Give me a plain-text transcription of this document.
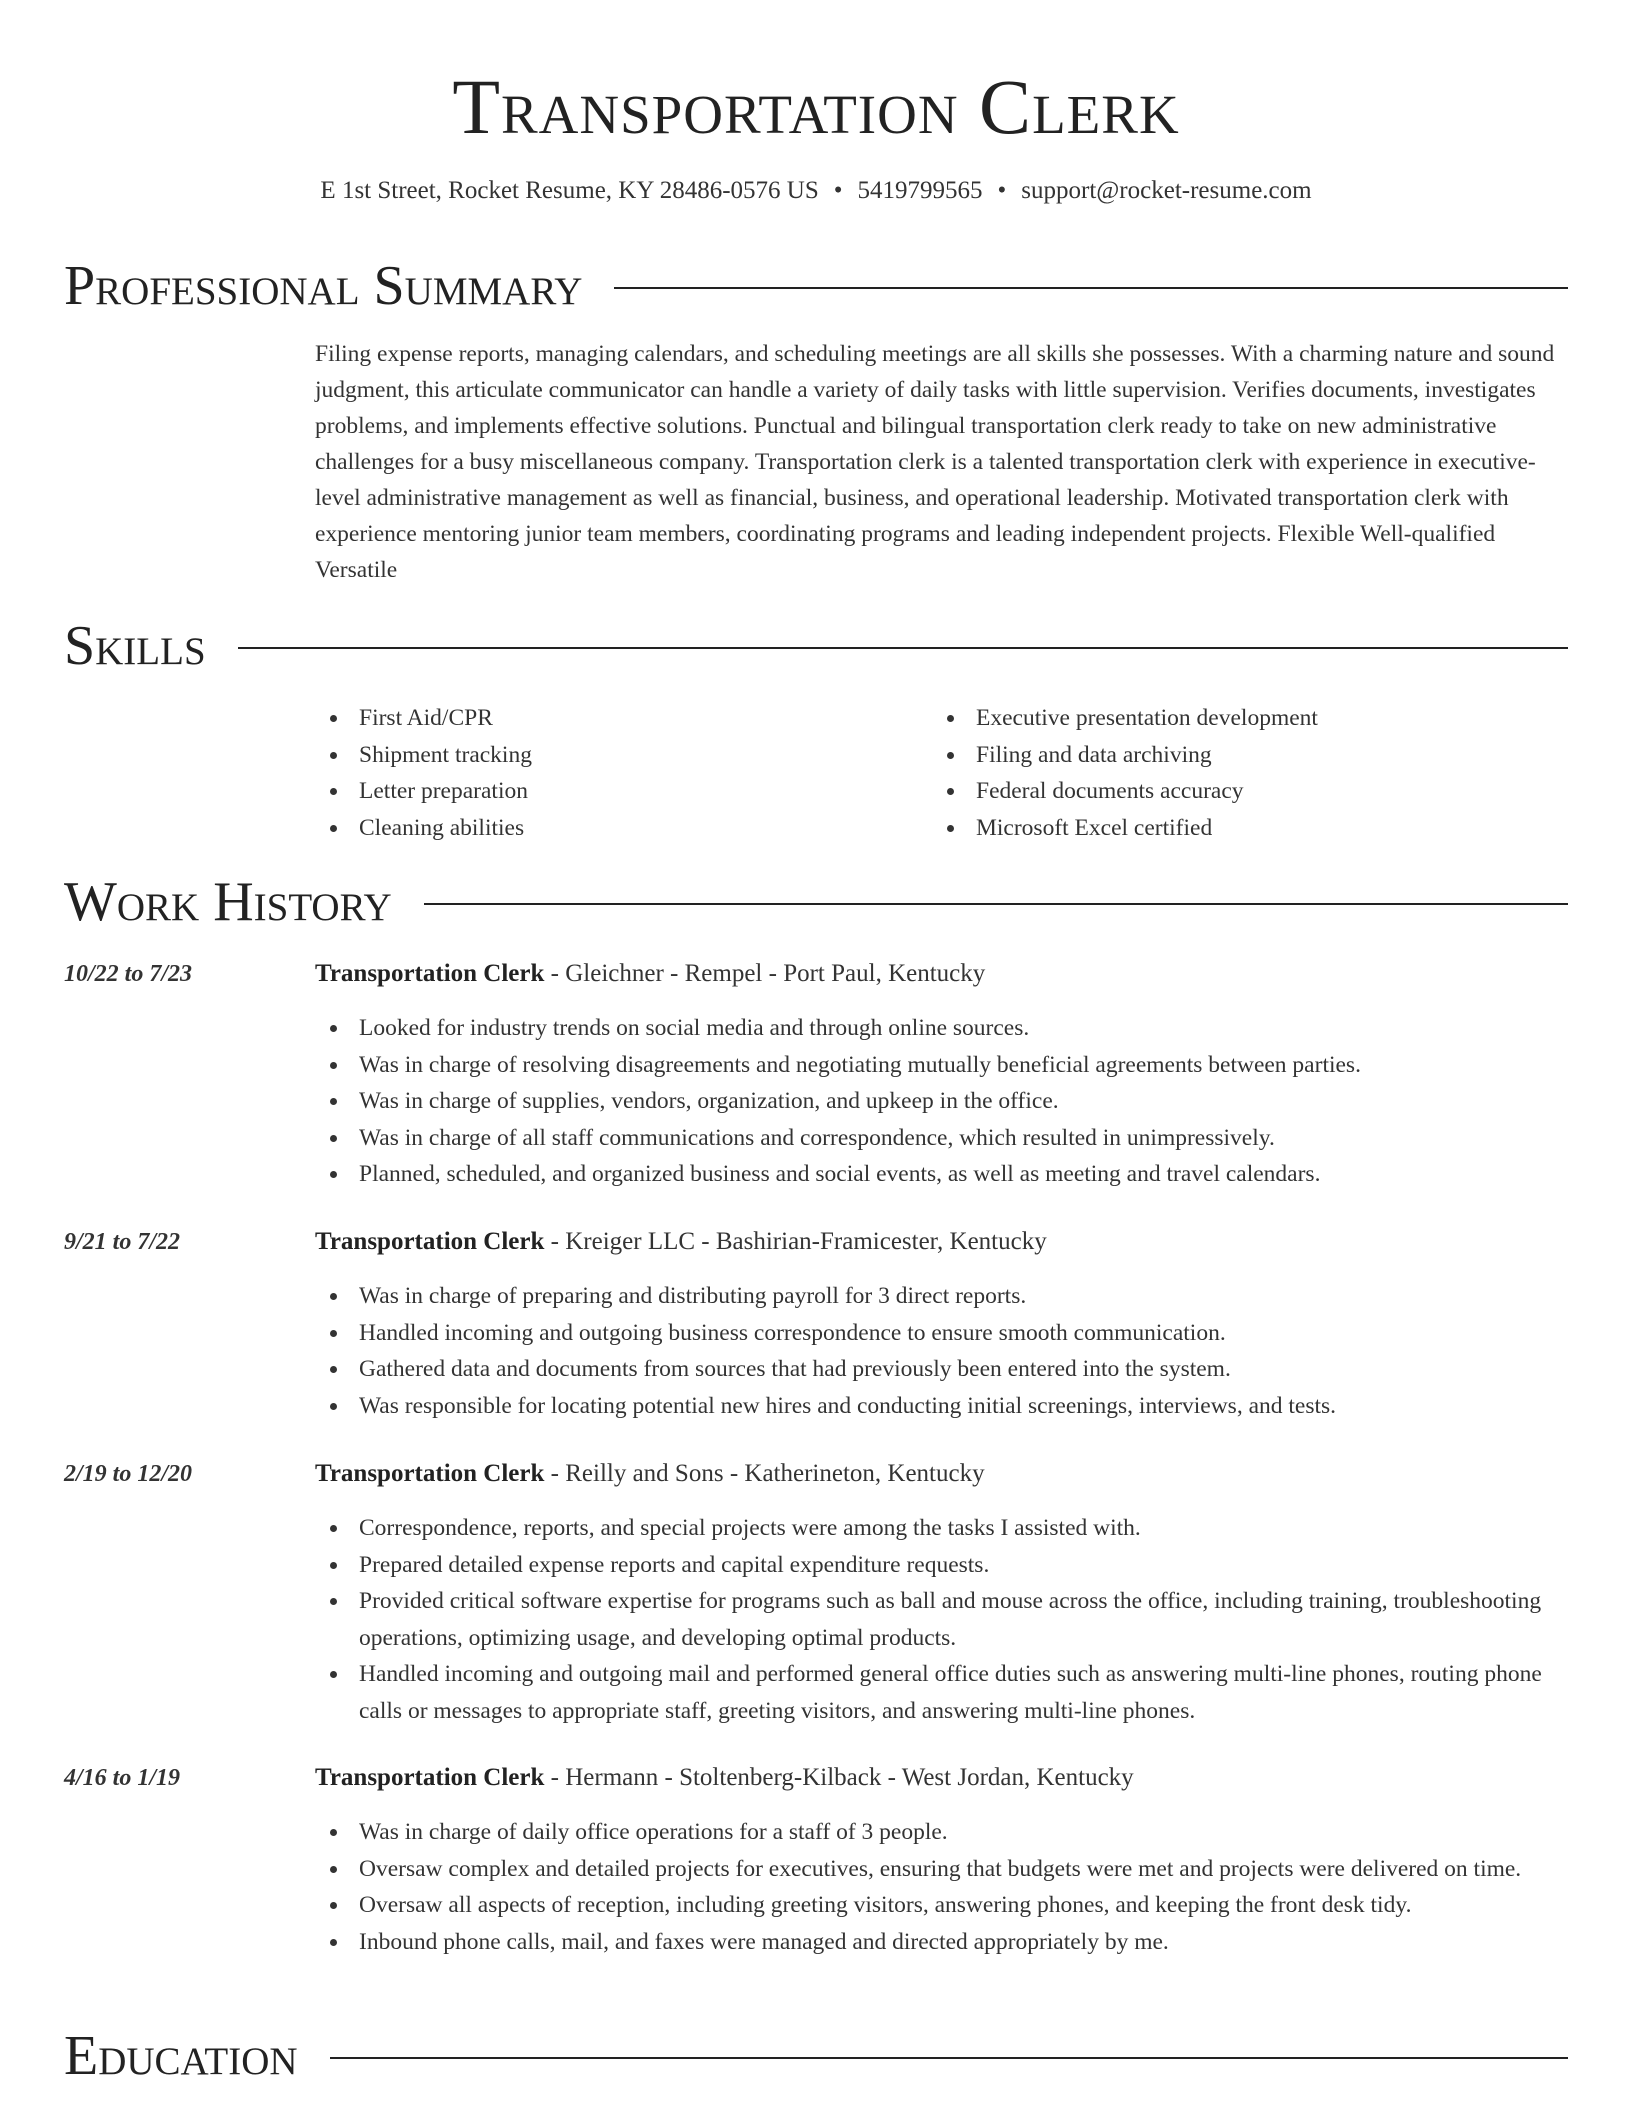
Transportation Clerk
E 1st Street, Rocket Resume, KY 28486-0576 US • 5419799565 • support@rocket-resume.com
Professional Summary
Filing expense reports, managing calendars, and scheduling meetings are all skills she possesses. With a charming nature and sound judgment, this articulate communicator can handle a variety of daily tasks with little supervision. Verifies documents, investigates problems, and implements effective solutions. Punctual and bilingual transportation clerk ready to take on new administrative challenges for a busy miscellaneous company. Transportation clerk is a talented transportation clerk with experience in executive-level administrative management as well as financial, business, and operational leadership. Motivated transportation clerk with experience mentoring junior team members, coordinating programs and leading independent projects. Flexible Well-qualified Versatile
Skills
First Aid/CPR
Shipment tracking
Letter preparation
Cleaning abilities
Executive presentation development
Filing and data archiving
Federal documents accuracy
Microsoft Excel certified
Work History
10/22 to 7/23	Transportation Clerk - Gleichner - Rempel - Port Paul, Kentucky
Looked for industry trends on social media and through online sources.
Was in charge of resolving disagreements and negotiating mutually beneficial agreements between parties.
Was in charge of supplies, vendors, organization, and upkeep in the office.
Was in charge of all staff communications and correspondence, which resulted in unimpressively.
Planned, scheduled, and organized business and social events, as well as meeting and travel calendars.
9/21 to 7/22	Transportation Clerk - Kreiger LLC - Bashirian-Framicester, Kentucky
Was in charge of preparing and distributing payroll for 3 direct reports.
Handled incoming and outgoing business correspondence to ensure smooth communication.
Gathered data and documents from sources that had previously been entered into the system.
Was responsible for locating potential new hires and conducting initial screenings, interviews, and tests.
2/19 to 12/20	Transportation Clerk - Reilly and Sons - Katherineton, Kentucky
Correspondence, reports, and special projects were among the tasks I assisted with.
Prepared detailed expense reports and capital expenditure requests.
Provided critical software expertise for programs such as ball and mouse across the office, including training, troubleshooting operations, optimizing usage, and developing optimal products.
Handled incoming and outgoing mail and performed general office duties such as answering multi-line phones, routing phone calls or messages to appropriate staff, greeting visitors, and answering multi-line phones.
4/16 to 1/19	Transportation Clerk - Hermann - Stoltenberg-Kilback - West Jordan, Kentucky
Was in charge of daily office operations for a staff of 3 people.
Oversaw complex and detailed projects for executives, ensuring that budgets were met and projects were delivered on time.
Oversaw all aspects of reception, including greeting visitors, answering phones, and keeping the front desk tidy.
Inbound phone calls, mail, and faxes were managed and directed appropriately by me.
Education
